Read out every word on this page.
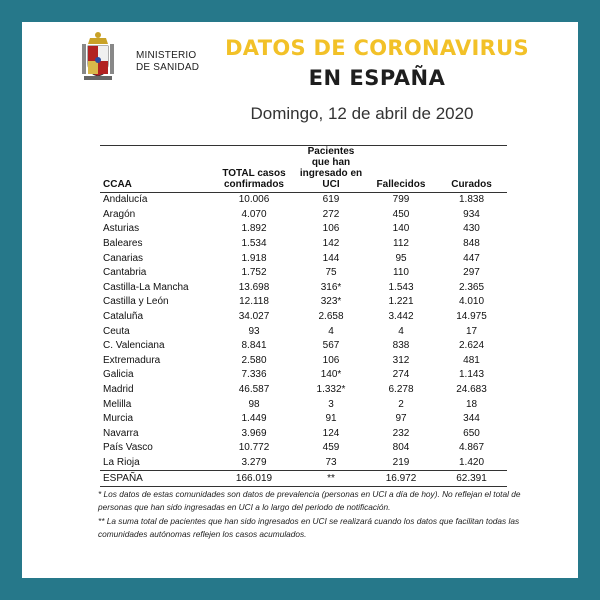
MINISTERIO
DE SANIDAD
DATOS DE CORONAVIRUS
EN ESPAÑA
Domingo, 12 de abril de 2020
CCAA	TOTAL casos confirmados	Pacientes que han ingresado en UCI	Fallecidos	Curados
Andalucía	10.006	619	799	1.838
Aragón	4.070	272	450	934
Asturias	1.892	106	140	430
Baleares	1.534	142	112	848
Canarias	1.918	144	95	447
Cantabria	1.752	75	110	297
Castilla-La Mancha	13.698	316*	1.543	2.365
Castilla y León	12.118	323*	1.221	4.010
Cataluña	34.027	2.658	3.442	14.975
Ceuta	93	4	4	17
C. Valenciana	8.841	567	838	2.624
Extremadura	2.580	106	312	481
Galicia	7.336	140*	274	1.143
Madrid	46.587	1.332*	6.278	24.683
Melilla	98	3	2	18
Murcia	1.449	91	97	344
Navarra	3.969	124	232	650
País Vasco	10.772	459	804	4.867
La Rioja	3.279	73	219	1.420
ESPAÑA	166.019	**	16.972	62.391

* Los datos de estas comunidades son datos de prevalencia (personas en UCI a día de hoy). No reflejan el total de personas que han sido ingresadas en UCI a lo largo del periodo de notificación.

** La suma total de pacientes que han sido ingresados en UCI se realizará cuando los datos que facilitan todas las comunidades autónomas reflejen los casos acumulados.
